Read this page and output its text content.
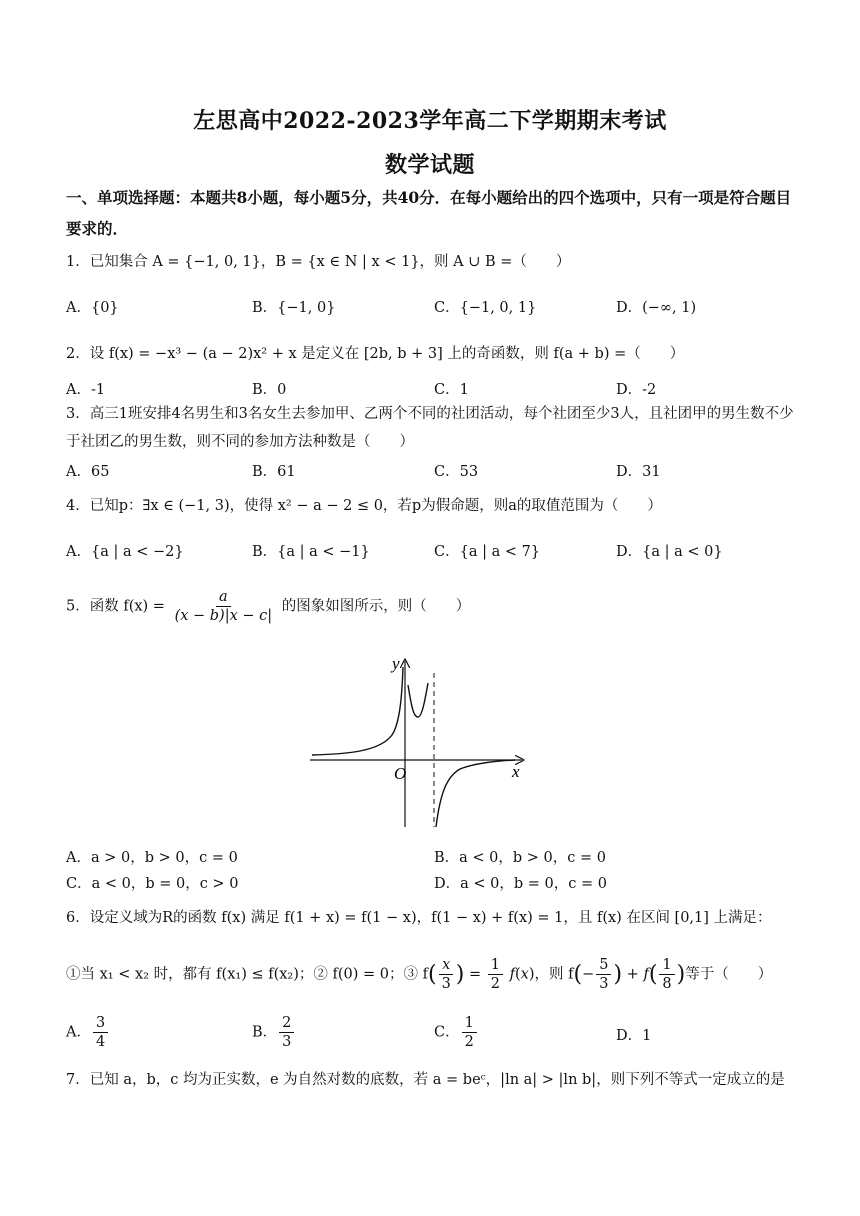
左思高中2022-2023学年高二下学期期末考试
数学试题
一、单项选择题：本题共8小题，每小题5分，共40分．在每小题给出的四个选项中，只有一项是符合题目要求的．
1．已知集合 A = {−1, 0, 1}，B = {x ∈ N | x < 1}，则 A ∪ B =（　　）
A．{0}	B．{−1, 0}	C．{−1, 0, 1}	D．(−∞, 1)
2．设 f(x) = −x³ − (a − 2)x² + x 是定义在 [2b, b + 3] 上的奇函数，则 f(a + b) =（　　）
A．-1	B．0	C．1	D．-2
3．高三1班安排4名男生和3名女生去参加甲、乙两个不同的社团活动，每个社团至少3人，且社团甲的男生数不少于社团乙的男生数，则不同的参加方法种数是（　　）
A．65	B．61	C．53	D．31
4．已知p：∃x ∈ (−1, 3)，使得 x² − a − 2 ≤ 0，若p为假命题，则a的取值范围为（　　）
A．{a | a < −2}	B．{a | a < −1}	C．{a | a < 7}	D．{a | a < 0}
5．函数 $f(x) = \frac{a}{(x - b)|x - c|}$ 的图象如图所示，则（　　）
O	x
y
A．a > 0，b > 0，c = 0	B．a < 0，b > 0，c = 0
C．a < 0，b = 0，c > 0	D．a < 0，b = 0，c = 0
6．设定义域为R的函数 f(x) 满足 f(1 + x) = f(1 − x)，f(1 − x) + f(x) = 1，且 f(x) 在区间 [0,1] 上满足：
①当 x₁ < x₂ 时，都有 f(x₁) ≤ f(x₂)；② f(0) = 0；③ $f( \frac{x}{3}$ ) = $\frac{1}{2} f(x)$，则 $f(- \frac{5}{3}$ ) + $f( \frac{1}{8}$ )等于（　　）
A． $\frac{3}{4}$	B． $\frac{2}{3}$	C． $\frac{1}{2}$	D．1
7．已知 a，b，c 均为正实数，e 为自然对数的底数，若 a = beᶜ，|ln a| > |ln b|，则下列不等式一定成立的是
